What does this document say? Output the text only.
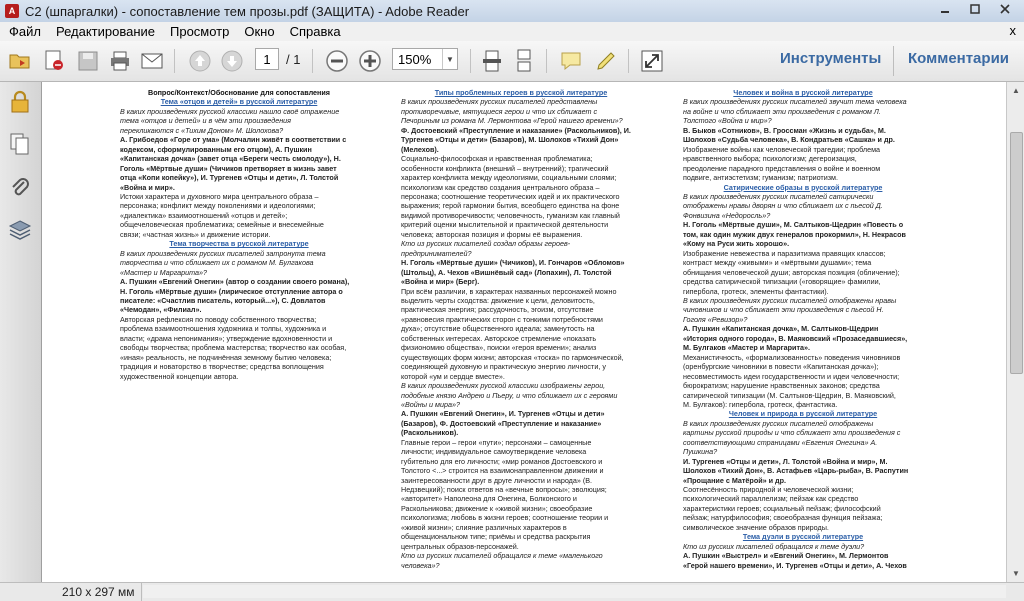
A С2 (шпаргалки) - сопоставление тем прозы.pdf (ЗАЩИТА) - Adobe Reader
Файл Редактирование Просмотр Окно Справка	x
1	/ 1	150%	▼	Инструменты Комментарии
Вопрос/Контекст/Обоснование для сопоставления
Тема «отцов и детей» в русской литературе
В каких произведениях русской классики нашло своё отражение
тема «отцов и детей» и в чём эти произведения
перекликаются с «Тихим Доном» М. Шолохова?
А. Грибоедов «Горе от ума» (Молчалин живёт в соответствии с
кодексом, сформулированным его отцом), А. Пушкин
«Капитанская дочка» (завет отца «Береги честь смолоду»), Н.
Гоголь «Мёртвые души» (Чичиков претворяет в жизнь завет
отца «Копи копейку»), И. Тургенев «Отцы и дети», Л. Толстой
«Война и мир».
Истоки характера и духовного мира центрального образа –
персонажа; конфликт между поколениями и идеологиями;
«диалектика» взаимоотношений «отцов и детей»;
общечеловеческая проблематика; семейные и внесемейные
связи; «частная жизнь» и движение истории.
Тема творчества в русской литературе
В каких произведениях русских писателей затронута тема
творчества и что сближает их с романом М. Булгакова
«Мастер и Маргарита»?
А. Пушкин «Евгений Онегин» (автор о создании своего романа),
Н. Гоголь «Мёртвые души» (лирическое отступление автора о
писателе: «Счастлив писатель, который...»), С. Довлатов
«Чемодан», «Филиал».
Авторская рефлексия по поводу собственного творчества;
проблема взаимоотношения художника и толпы, художника и
власти; «драма непонимания»; утверждение вдохновенности и
свободы творчества; проблема мастерства; творчество как особая,
«иная» реальность, не подчинённая земному бытию человека;
традиция и новаторство в творчестве; средства воплощения
художественной концепции автора.
Типы проблемных героев в русской литературе
В каких произведениях русских писателей представлены
противоречивые, мятущиеся герои и что их сближает с
Печориным из романа М. Лермонтова «Герой нашего времени»?
Ф. Достоевский «Преступление и наказание» (Раскольников), И.
Тургенев «Отцы и дети» (Базаров), М. Шолохов «Тихий Дон»
(Мелехов).
Социально-философская и нравственная проблематика;
особенности конфликта (внешний – внутренний); трагический
характер конфликта между идеологиями, социальными слоями;
психологизм как средство создания центрального образа –
персонажа; соотношение теоретических идей и их практического
выражения; герой гармонии бытия, всеобщего единства на фоне
видимой противоречивости; человечность, гуманизм как главный
критерий оценки мыслительной и практической деятельности
человека; авторская позиция и формы её выражения.
Кто из русских писателей создал образы героев-
предпринимателей?
Н. Гоголь «Мёртвые души» (Чичиков), И. Гончаров «Обломов»
(Штольц), А. Чехов «Вишнёвый сад» (Лопахин), Л. Толстой
«Война и мир» (Берг).
При всём различии, в характерах названных персонажей можно
выделить черты сходства: движение к цели, деловитость,
практическая энергия; рассудочность, эгоизм, отсутствие
«равновесия практических сторон с тонкими потребностями
духа»; отсутствие общественного идеала; замкнутость на
собственных интересах. Авторское стремление «показать
физиономию общества», поиски «героя времени»; анализ
существующих форм жизни; авторская «тоска» по гармонической,
соединяющей духовную и практическую энергию личности, у
которой «ум и сердце вместе».
В каких произведениях русской классики изображены герои,
подобные князю Андрею и Пьеру, и что сближает их с героями
«Войны и мира»?
А. Пушкин «Евгений Онегин», И. Тургенев «Отцы и дети»
(Базаров), Ф. Достоевский «Преступление и наказание»
(Раскольников).
Главные герои – герои «пути»; персонажи – самоценные
личности; индивидуальное самоутверждение человека
губительно для его личности; «мир романов Достоевского и
Толстого <...> строится на взаимонаправленном движении и
заинтересованности друг в друге личности и народа» (В.
Недзвецкий); поиск ответов на «вечные вопросы»; эволюция;
«авторитет» Наполеона для Онегина, Болконского и
Раскольникова; движение к «живой жизни»; своеобразие
психологизма; любовь в жизни героев; соотношение теории и
«живой жизни»; слияние различных характеров в
общенациональном типе; приёмы и средства раскрытия
центральных образов-персонажей.
Кто из русских писателей обращался к теме «маленького
человека»?
Человек и война в русской литературе
В каких произведениях русских писателей звучит тема человека
на войне и что сближает эти произведения с романом Л.
Толстого «Война и мир»?
В. Быков «Сотников», В. Гроссман «Жизнь и судьба», М.
Шолохов «Судьба человека», В. Кондратьев «Сашка» и др.
Изображение войны как человеческой трагедии; проблема
нравственного выбора; психологизм; дегероизация,
преодоление парадного представления о войне и военном
подвиге, антиэстетизм; гуманизм; патриотизм.
Сатирические образы в русской литературе
В каких произведениях русских писателей сатирически
отображены нравы дворян и что сближает их с пьесой Д.
Фонвизина «Недоросль»?
Н. Гоголь «Мёртвые души», М. Салтыков-Щедрин «Повесть о
том, как один мужик двух генералов прокормил», Н. Некрасов
«Кому на Руси жить хорошо».
Изображение невежества и паразитизма правящих классов;
контраст между «живыми» и «мёртвыми душами»; тема
обнищания человеческой души; авторская позиция (обличение);
средства сатирической типизации («говорящие» фамилии,
гипербола, гротеск, элементы фантастики).
В каких произведениях русских писателей отображены нравы
чиновников и что сближает эти произведения с пьесой Н.
Гоголя «Ревизор»?
А. Пушкин «Капитанская дочка», М. Салтыков-Щедрин
«История одного города», В. Маяковский «Прозаседавшиеся»,
М. Булгаков «Мастер и Маргарита».
Механистичность, «формализованность» поведения чиновников
(оренбургские чиновники в повести «Капитанская дочка»);
несовместимость идеи государственности и идеи человечности;
бюрократизм; нарушение нравственных законов; средства
сатирической типизации (М. Салтыков-Щедрин, В. Маяковский,
М. Булгаков): гипербола, гротеск, фантастика.
Человек и природа в русской литературе
В каких произведениях русских писателей отображены
картины русской природы и что сближает эти произведения с
соответствующими страницами «Евгения Онегина» А.
Пушкина?
И. Тургенев «Отцы и дети», Л. Толстой «Война и мир», М.
Шолохов «Тихий Дон», В. Астафьев «Царь-рыба», В. Распутин
«Прощание с Матёрой» и др.
Соотнесённость природной и человеческой жизни;
психологический параллелизм; пейзаж как средство
характеристики героев; социальный пейзаж; философский
пейзаж; натурфилософия; своеобразная функция пейзажа;
символическое значение образов природы.
Тема дуэли в русской литературе
Кто из русских писателей обращался к теме дуэли?
А. Пушкин «Выстрел» и «Евгений Онегин», М. Лермонтов
«Герой нашего времени», И. Тургенев «Отцы и дети», А. Чехов
▲
▼
210 x 297 мм
